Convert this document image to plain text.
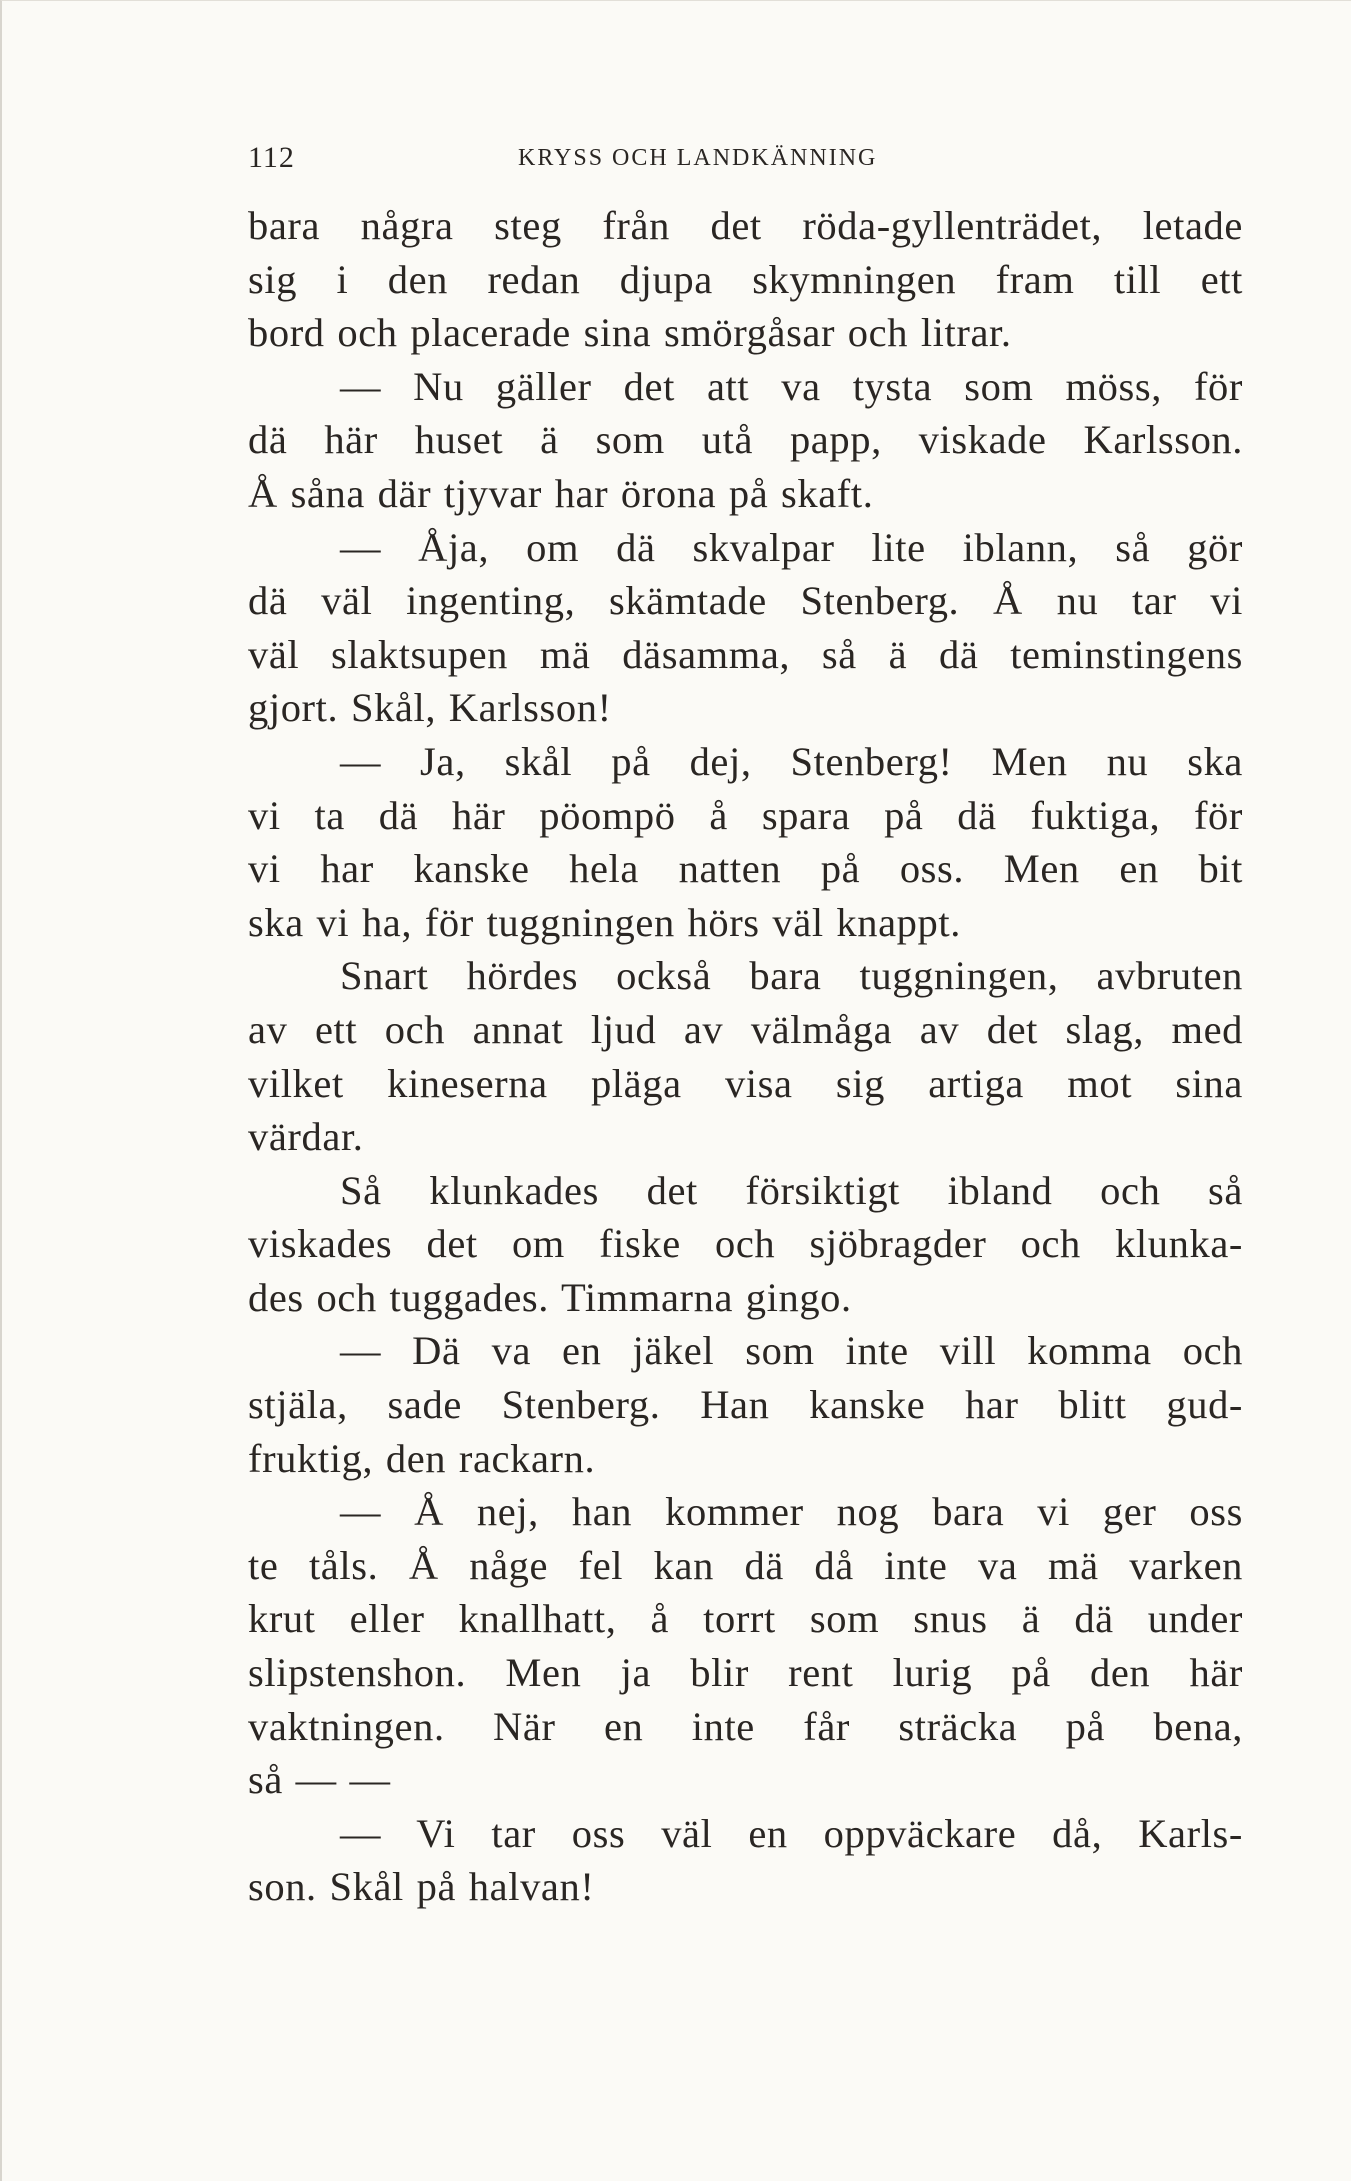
112	KRYSS OCH LANDKÄNNING
bara några steg från det röda-gyllenträdet, letade
sig i den redan djupa skymningen fram till ett
bord och placerade sina smörgåsar och litrar.
— Nu gäller det att va tysta som möss, för
dä här huset ä som utå papp, viskade Karlsson.
Å såna där tjyvar har örona på skaft.
— Åja, om dä skvalpar lite iblann, så gör
dä väl ingenting, skämtade Stenberg. Å nu tar vi
väl slaktsupen mä däsamma, så ä dä teminstingens
gjort. Skål, Karlsson!
— Ja, skål på dej, Stenberg! Men nu ska
vi ta dä här pöompö å spara på dä fuktiga, för
vi har kanske hela natten på oss. Men en bit
ska vi ha, för tuggningen hörs väl knappt.
Snart hördes också bara tuggningen, avbruten
av ett och annat ljud av välmåga av det slag, med
vilket kineserna pläga visa sig artiga mot sina
värdar.
Så klunkades det försiktigt ibland och så
viskades det om fiske och sjöbragder och klunka-
des och tuggades. Timmarna gingo.
— Dä va en jäkel som inte vill komma och
stjäla, sade Stenberg. Han kanske har blitt gud-
fruktig, den rackarn.
— Å nej, han kommer nog bara vi ger oss
te tåls. Å någe fel kan dä då inte va mä varken
krut eller knallhatt, å torrt som snus ä dä under
slipstenshon. Men ja blir rent lurig på den här
vaktningen. När en inte får sträcka på bena,
så — —
— Vi tar oss väl en oppväckare då, Karls-
son. Skål på halvan!
